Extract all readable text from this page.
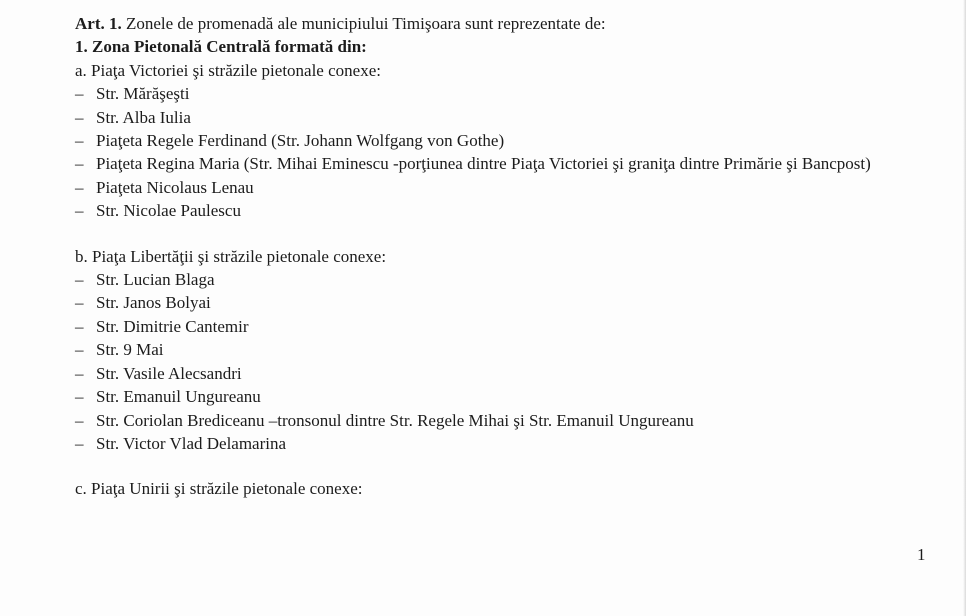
Art. 1. Zonele de promenadă ale municipiului Timişoara sunt reprezentate de:
1. Zona Pietonală Centrală formată din:
a. Piaţa Victoriei şi străzile pietonale conexe:
– Str. Mărăşeşti
– Str. Alba Iulia
– Piaţeta Regele Ferdinand (Str. Johann Wolfgang von Gothe)
– Piaţeta Regina Maria (Str. Mihai Eminescu -porţiunea dintre Piaţa Victoriei şi graniţa dintre Primărie şi Bancpost)
– Piaţeta Nicolaus Lenau
– Str. Nicolae Paulescu
b. Piaţa Libertăţii şi străzile pietonale conexe:
– Str. Lucian Blaga
– Str. Janos Bolyai
– Str. Dimitrie Cantemir
– Str. 9 Mai
– Str. Vasile Alecsandri
– Str. Emanuil Ungureanu
– Str. Coriolan Brediceanu –tronsonul dintre Str. Regele Mihai şi Str. Emanuil Ungureanu
– Str. Victor Vlad Delamarina
c. Piaţa Unirii şi străzile pietonale conexe:
1
